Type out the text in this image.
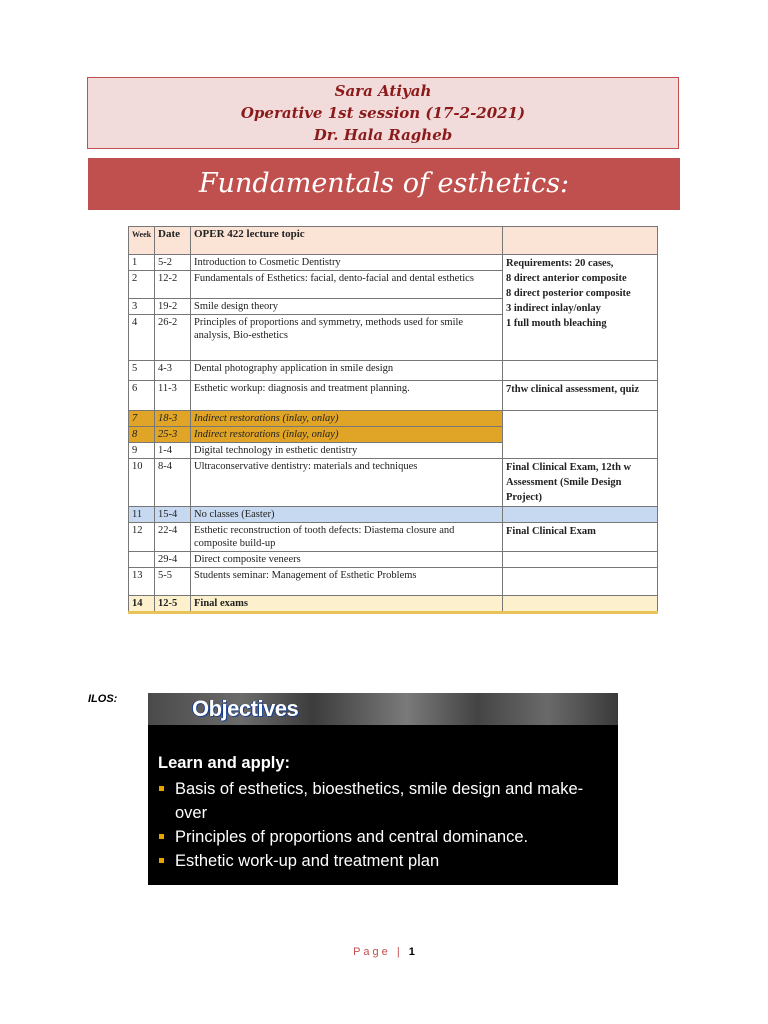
Sara Atiyah
Operative 1st session (17-2-2021)
Dr. Hala Ragheb
Fundamentals of esthetics:
Week	Date	OPER 422 lecture topic	
1	5-2	Introduction to Cosmetic Dentistry	Requirements: 20 cases,
8 direct anterior composite
8 direct posterior composite
3 indirect inlay/onlay
1 full mouth bleaching

2	12-2	Fundamentals of Esthetics: facial, dento-facial and dental esthetics	
3	19-2	Smile design theory	
4	26-2	Principles of proportions and symmetry, methods used for smile analysis, Bio-esthetics	
5	4-3	Dental photography application in smile design	
6	11-3	Esthetic workup: diagnosis and treatment planning.	7thw clinical assessment, quiz
7	18-3	Indirect restorations (inlay, onlay)	
8	25-3	Indirect restorations (inlay, onlay)	
9	1-4	Digital technology in esthetic dentistry	
10	8-4	Ultraconservative dentistry: materials and techniques	Final Clinical Exam, 12th w Assessment (Smile Design Project)
11	15-4	No classes (Easter)	
12	22-4	Esthetic reconstruction of tooth defects: Diastema closure and composite build-up	Final Clinical Exam
	29-4	Direct composite veneers	
13	5-5	Students seminar: Management of Esthetic Problems	
14	12-5	Final exams	
ILOS:	Objectives
Learn and apply:
Basis of esthetics, bioesthetics, smile design and make-over
Principles of proportions and central dominance.
Esthetic work-up and treatment plan
Page | 1
